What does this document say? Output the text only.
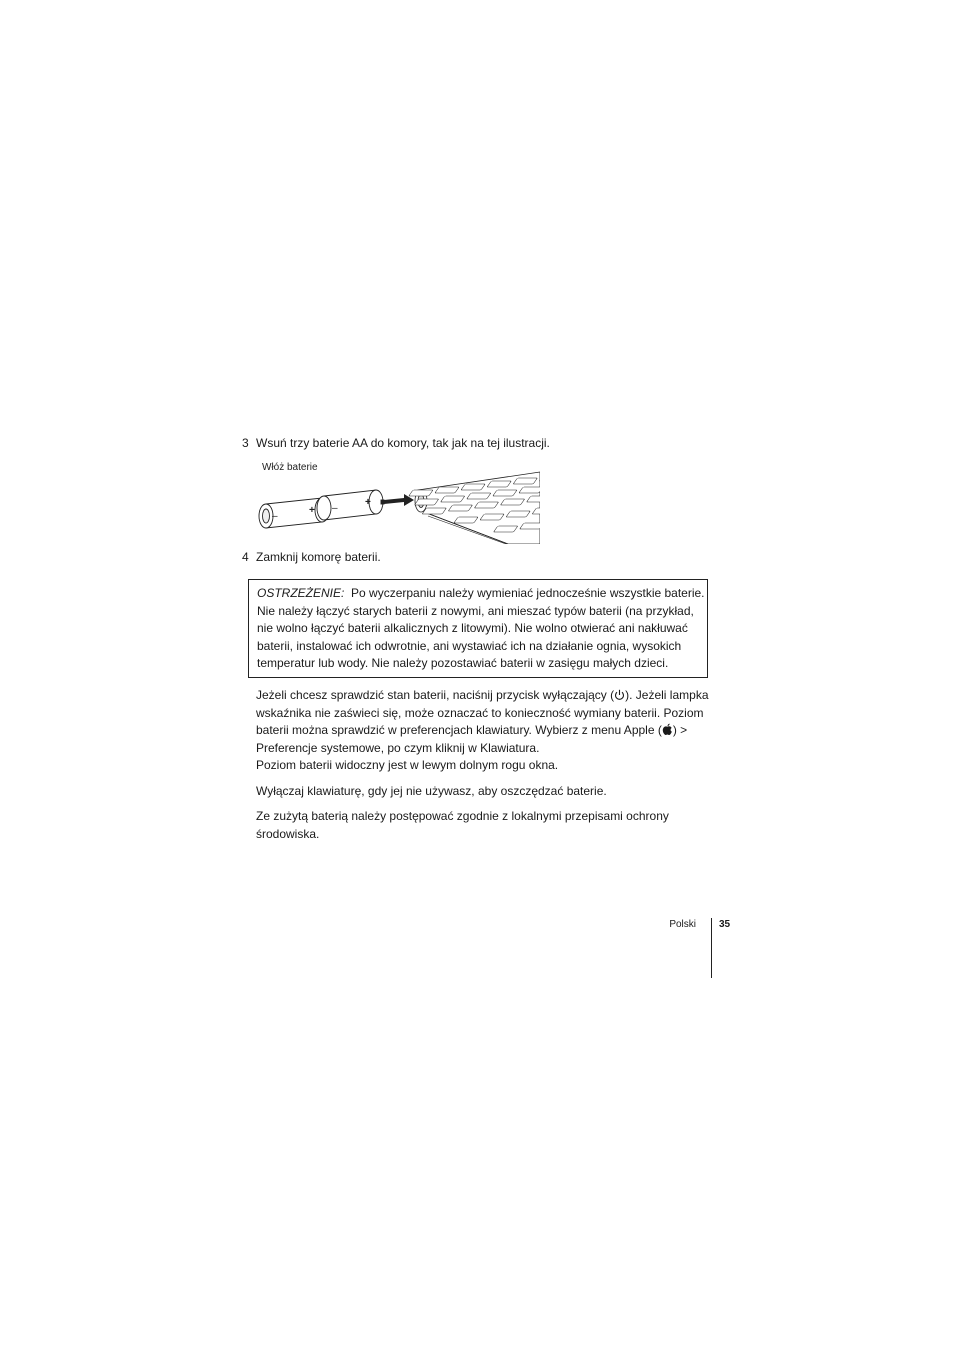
3 Wsuń trzy baterie AA do komory, tak jak na tej ilustracji.
Włóż baterie
–
+ –
+
4 Zamknij komorę baterii.

OSTRZEŻENIE: Po wyczerpaniu należy wymieniać jednocześnie wszystkie baterie.

Nie należy łączyć starych baterii z nowymi, ani mieszać typów baterii (na przykład,

nie wolno łączyć baterii alkalicznych z litowymi). Nie wolno otwierać ani nakłuwać

baterii, instalować ich odwrotnie, ani wystawiać ich na działanie ognia, wysokich

temperatur lub wody. Nie należy pozostawiać baterii w zasięgu małych dzieci.

Jeżeli chcesz sprawdzić stan baterii, naciśnij przycisk wyłączający ( ). Jeżeli lampka

wskaźnika nie zaświeci się, może oznaczać to konieczność wymiany baterii. Poziom

baterii można sprawdzić w preferencjach klawiatury. Wybierz z menu Apple ( ) >

Preferencje systemowe, po czym kliknij w Klawiatura.

Poziom baterii widoczny jest w lewym dolnym rogu okna.

Wyłączaj klawiaturę, gdy jej nie używasz, aby oszczędzać baterie.

Ze zużytą baterią należy postępować zgodnie z lokalnymi przepisami ochrony

środowiska.

Polski 35
